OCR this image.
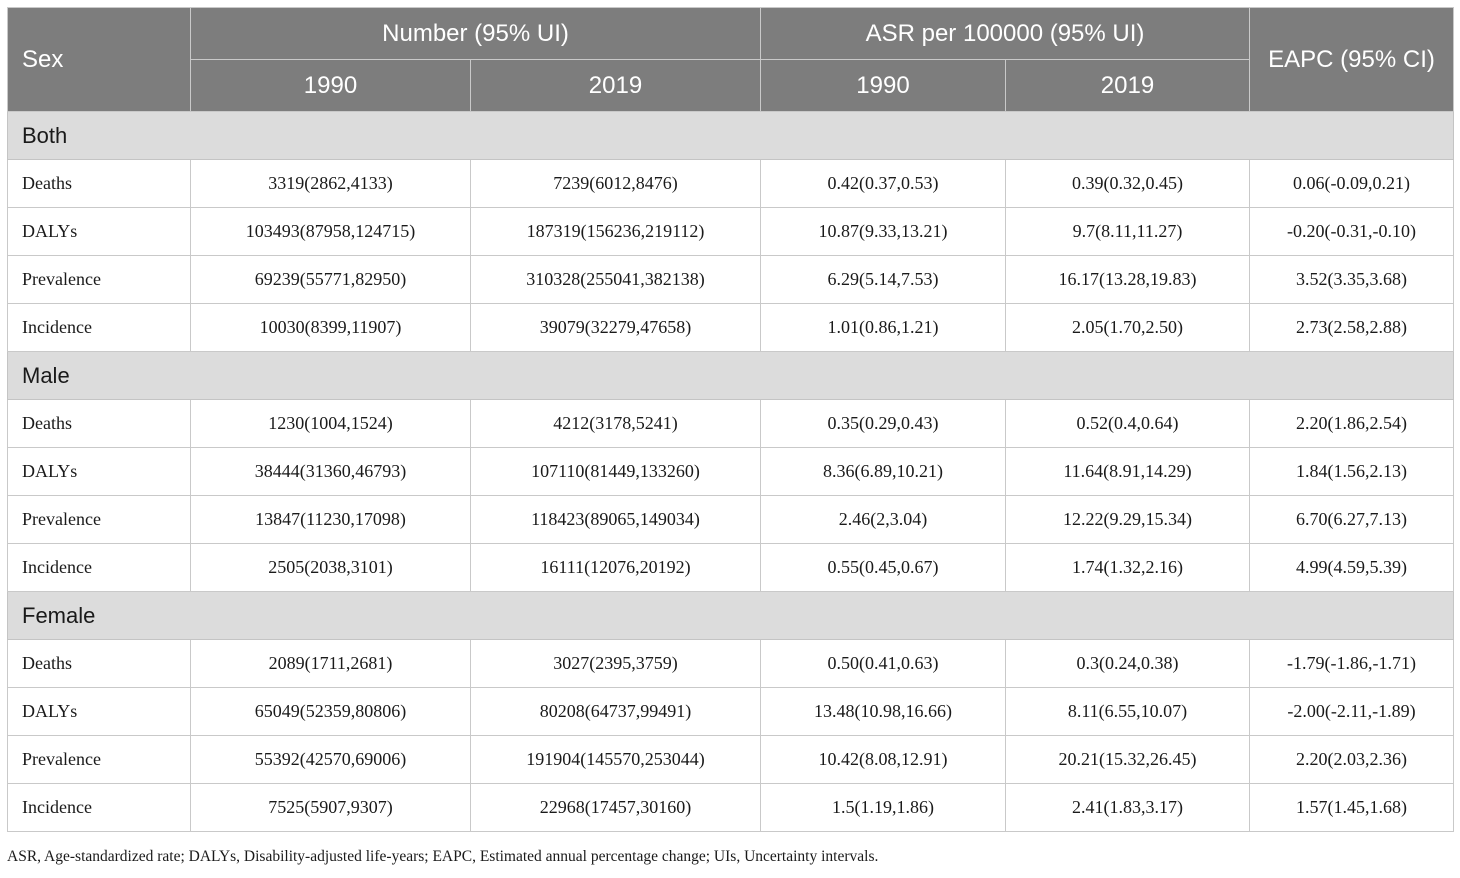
Sex	Number (95% UI)		ASR per 100000 (95% UI)		EAPC (95% CI)
	1990	2019	1990	2019	
Both					
Deaths	3319(2862,4133)	7239(6012,8476)	0.42(0.37,0.53)	0.39(0.32,0.45)	0.06(-0.09,0.21)
DALYs	103493(87958,124715)	187319(156236,219112)	10.87(9.33,13.21)	9.7(8.11,11.27)	-0.20(-0.31,-0.10)
Prevalence	69239(55771,82950)	310328(255041,382138)	6.29(5.14,7.53)	16.17(13.28,19.83)	3.52(3.35,3.68)
Incidence	10030(8399,11907)	39079(32279,47658)	1.01(0.86,1.21)	2.05(1.70,2.50)	2.73(2.58,2.88)
Male					
Deaths	1230(1004,1524)	4212(3178,5241)	0.35(0.29,0.43)	0.52(0.4,0.64)	2.20(1.86,2.54)
DALYs	38444(31360,46793)	107110(81449,133260)	8.36(6.89,10.21)	11.64(8.91,14.29)	1.84(1.56,2.13)
Prevalence	13847(11230,17098)	118423(89065,149034)	2.46(2,3.04)	12.22(9.29,15.34)	6.70(6.27,7.13)
Incidence	2505(2038,3101)	16111(12076,20192)	0.55(0.45,0.67)	1.74(1.32,2.16)	4.99(4.59,5.39)
Female					
Deaths	2089(1711,2681)	3027(2395,3759)	0.50(0.41,0.63)	0.3(0.24,0.38)	-1.79(-1.86,-1.71)
DALYs	65049(52359,80806)	80208(64737,99491)	13.48(10.98,16.66)	8.11(6.55,10.07)	-2.00(-2.11,-1.89)
Prevalence	55392(42570,69006)	191904(145570,253044)	10.42(8.08,12.91)	20.21(15.32,26.45)	2.20(2.03,2.36)
Incidence	7525(5907,9307)	22968(17457,30160)	1.5(1.19,1.86)	2.41(1.83,3.17)	1.57(1.45,1.68)
ASR, Age-standardized rate; DALYs, Disability-adjusted life-years; EAPC, Estimated annual percentage change; UIs, Uncertainty intervals.
